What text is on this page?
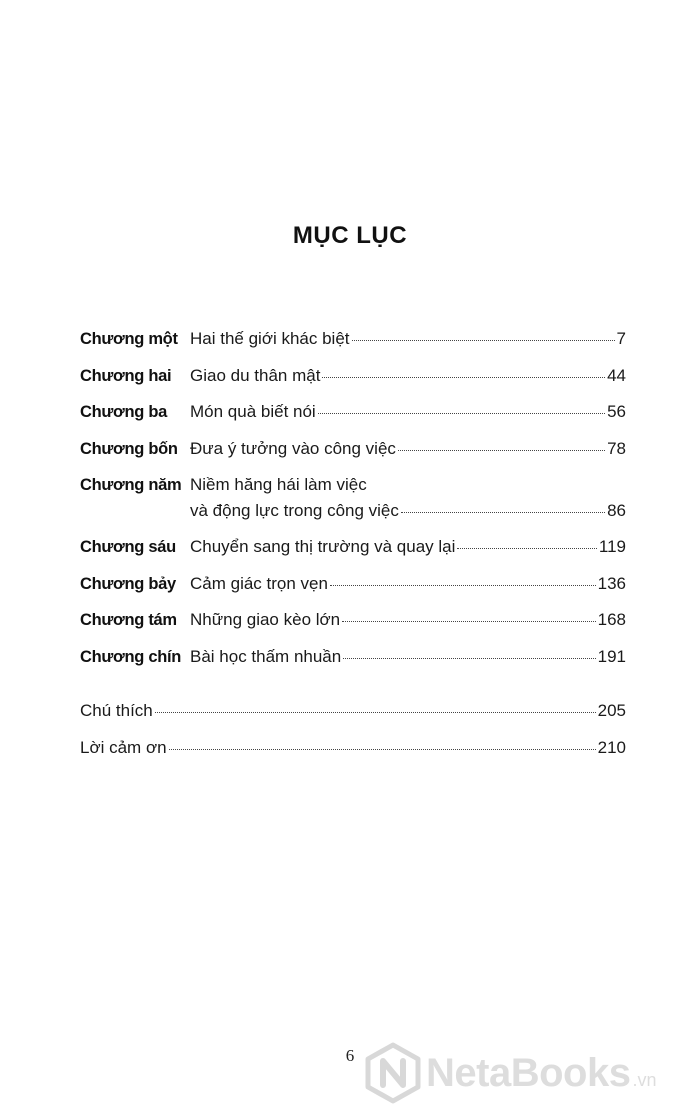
MỤC LỤC
Chương một Hai thế giới khác biệt	7
Chương hai	Giao du thân mật	44
Chương ba	Món quà biết nói	56
Chương bốn Đưa ý tưởng vào công việc	78
Chương năm Niềm hăng hái làm việc
và động lực trong công việc	86
Chương sáu Chuyển sang thị trường và quay lại	119
Chương bảy Cảm giác trọn vẹn	136
Chương tám Những giao kèo lớn	168
Chương chín Bài học thấm nhuần	191
Chú thích	205
Lời cảm ơn	210
6	NetaBooks .vn
